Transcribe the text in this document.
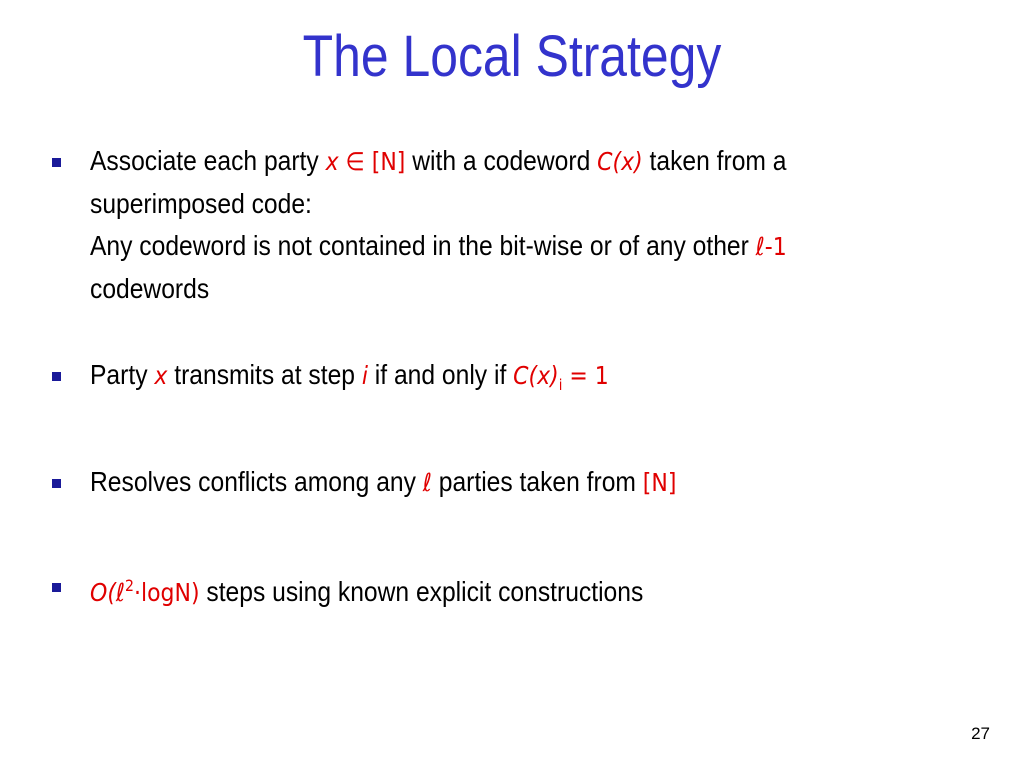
The Local Strategy
Associate each party x ∈ [N] with a codeword C(x) taken from a
superimposed code:
Any codeword is not contained in the bit-wise or of any other ℓ-1
codewords
Party x transmits at step i if and only if $C(x)_i = 1$
Resolves conflicts among any ℓ parties taken from [N]
O(ℓ$^2$·logN) steps using known explicit constructions
27
